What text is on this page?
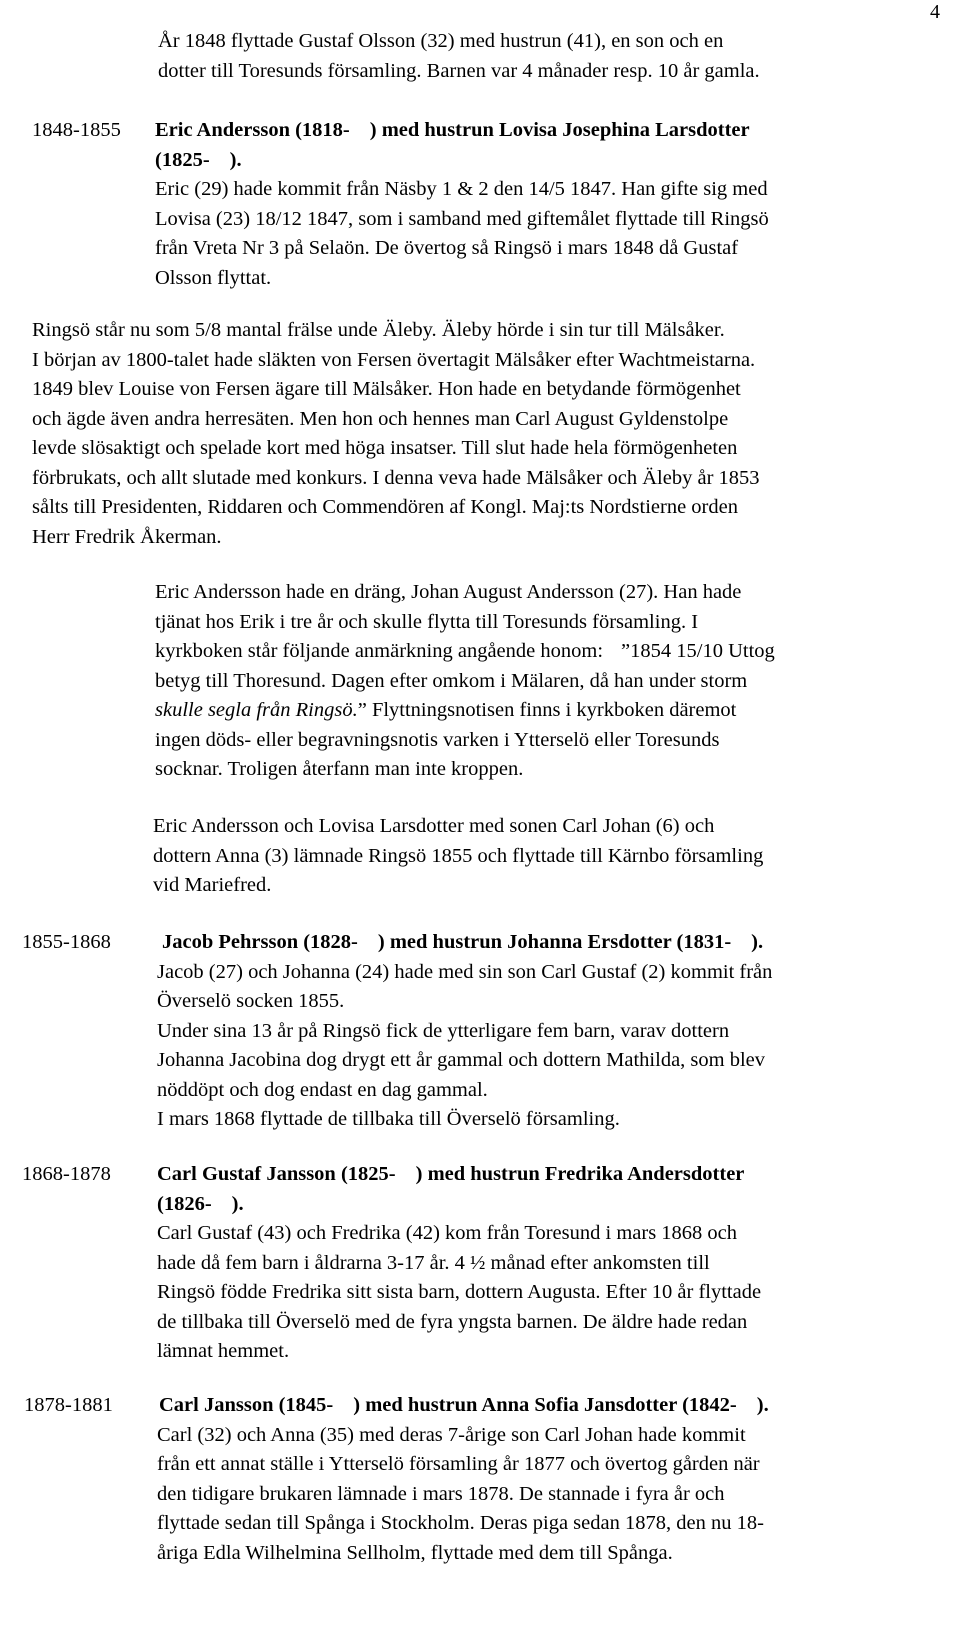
4
År 1848 flyttade Gustaf Olsson (32) med hustrun (41), en son och en
dotter till Toresunds församling. Barnen var 4 månader resp. 10 år gamla.
1848-1855 Eric Andersson (1818- ) med hustrun Lovisa Josephina Larsdotter
(1825- ).
Eric (29) hade kommit från Näsby 1 & 2 den 14/5 1847. Han gifte sig med
Lovisa (23) 18/12 1847, som i samband med giftemålet flyttade till Ringsö
från Vreta Nr 3 på Selaön. De övertog så Ringsö i mars 1848 då Gustaf
Olsson flyttat.
Ringsö står nu som 5/8 mantal frälse unde Äleby. Äleby hörde i sin tur till Mälsåker.
I början av 1800-talet hade släkten von Fersen övertagit Mälsåker efter Wachtmeistarna.
1849 blev Louise von Fersen ägare till Mälsåker. Hon hade en betydande förmögenhet
och ägde även andra herresäten. Men hon och hennes man Carl August Gyldenstolpe
levde slösaktigt och spelade kort med höga insatser. Till slut hade hela förmögenheten
förbrukats, och allt slutade med konkurs. I denna veva hade Mälsåker och Äleby år 1853
sålts till Presidenten, Riddaren och Commendören af Kongl. Maj:ts Nordstierne orden
Herr Fredrik Åkerman.
Eric Andersson hade en dräng, Johan August Andersson (27). Han hade
tjänat hos Erik i tre år och skulle flytta till Toresunds församling. I
kyrkboken står följande anmärkning angående honom: ”1854 15/10 Uttog
betyg till Thoresund. Dagen efter omkom i Mälaren, då han under storm
skulle segla från Ringsö.” Flyttningsnotisen finns i kyrkboken däremot
ingen döds- eller begravningsnotis varken i Ytterselö eller Toresunds
socknar. Troligen återfann man inte kroppen.
Eric Andersson och Lovisa Larsdotter med sonen Carl Johan (6) och
dottern Anna (3) lämnade Ringsö 1855 och flyttade till Kärnbo församling
vid Mariefred.
1855-1868 Jacob Pehrsson (1828- ) med hustrun Johanna Ersdotter (1831- ).
Jacob (27) och Johanna (24) hade med sin son Carl Gustaf (2) kommit från
Överselö socken 1855.
Under sina 13 år på Ringsö fick de ytterligare fem barn, varav dottern
Johanna Jacobina dog drygt ett år gammal och dottern Mathilda, som blev
nöddöpt och dog endast en dag gammal.
I mars 1868 flyttade de tillbaka till Överselö församling.
1868-1878 Carl Gustaf Jansson (1825- ) med hustrun Fredrika Andersdotter
(1826- ).
Carl Gustaf (43) och Fredrika (42) kom från Toresund i mars 1868 och
hade då fem barn i åldrarna 3-17 år. 4 ½ månad efter ankomsten till
Ringsö födde Fredrika sitt sista barn, dottern Augusta. Efter 10 år flyttade
de tillbaka till Överselö med de fyra yngsta barnen. De äldre hade redan
lämnat hemmet.
1878-1881 Carl Jansson (1845- ) med hustrun Anna Sofia Jansdotter (1842- ).
Carl (32) och Anna (35) med deras 7-årige son Carl Johan hade kommit
från ett annat ställe i Ytterselö församling år 1877 och övertog gården när
den tidigare brukaren lämnade i mars 1878. De stannade i fyra år och
flyttade sedan till Spånga i Stockholm. Deras piga sedan 1878, den nu 18-
åriga Edla Wilhelmina Sellholm, flyttade med dem till Spånga.
